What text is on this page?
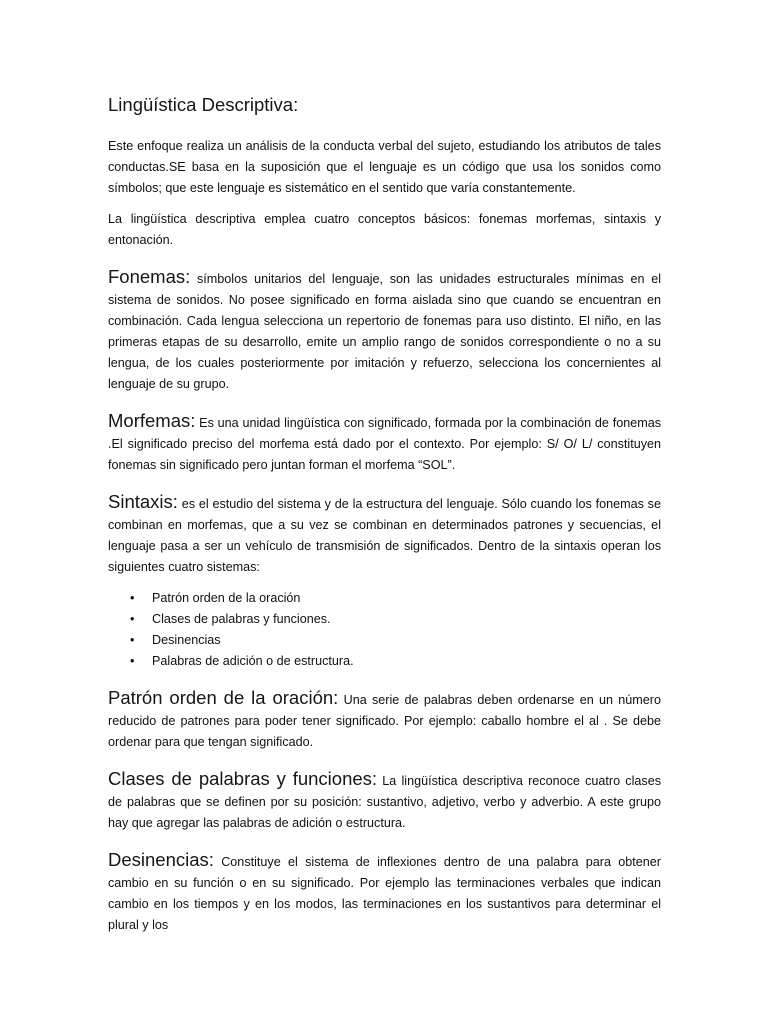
Lingüística Descriptiva:

Este enfoque realiza un análisis de la conducta verbal del sujeto, estudiando los atributos de tales conductas.SE basa en la suposición que el lenguaje es un código que usa los sonidos como símbolos; que este lenguaje es sistemático en el sentido que varía constantemente.

La lingüística descriptiva emplea cuatro conceptos básicos: fonemas morfemas, sintaxis y entonación.

Fonemas: símbolos unitarios del lenguaje, son las unidades estructurales mínimas en el sistema de sonidos. No posee significado en forma aislada sino que cuando se encuentran en combinación. Cada lengua selecciona un repertorio de fonemas para uso distinto. El niño, en las primeras etapas de su desarrollo, emite un amplio rango de sonidos correspondiente o no a su lengua, de los cuales posteriormente por imitación y refuerzo, selecciona los concernientes al lenguaje de su grupo.

Morfemas: Es una unidad lingüística con significado, formada por la combinación de fonemas .El significado preciso del morfema está dado por el contexto. Por ejemplo: S/ O/ L/ constituyen fonemas sin significado pero juntan forman el morfema “SOL”.

Sintaxis: es el estudio del sistema y de la estructura del lenguaje. Sólo cuando los fonemas se combinan en morfemas, que a su vez se combinan en determinados patrones y secuencias, el lenguaje pasa a ser un vehículo de transmisión de significados. Dentro de la sintaxis operan los siguientes cuatro sistemas:

• Patrón orden de la oración
• Clases de palabras y funciones.
• Desinencias
• Palabras de adición o de estructura.

Patrón orden de la oración: Una serie de palabras deben ordenarse en un número reducido de patrones para poder tener significado. Por ejemplo: caballo hombre el al . Se debe ordenar para que tengan significado.

Clases de palabras y funciones: La lingüística descriptiva reconoce cuatro clases de palabras que se definen por su posición: sustantivo, adjetivo, verbo y adverbio. A este grupo hay que agregar las palabras de adición o estructura.

Desinencias: Constituye el sistema de inflexiones dentro de una palabra para obtener cambio en su función o en su significado. Por ejemplo las terminaciones verbales que indican cambio en los tiempos y en los modos, las terminaciones en los sustantivos para determinar el plural y los
